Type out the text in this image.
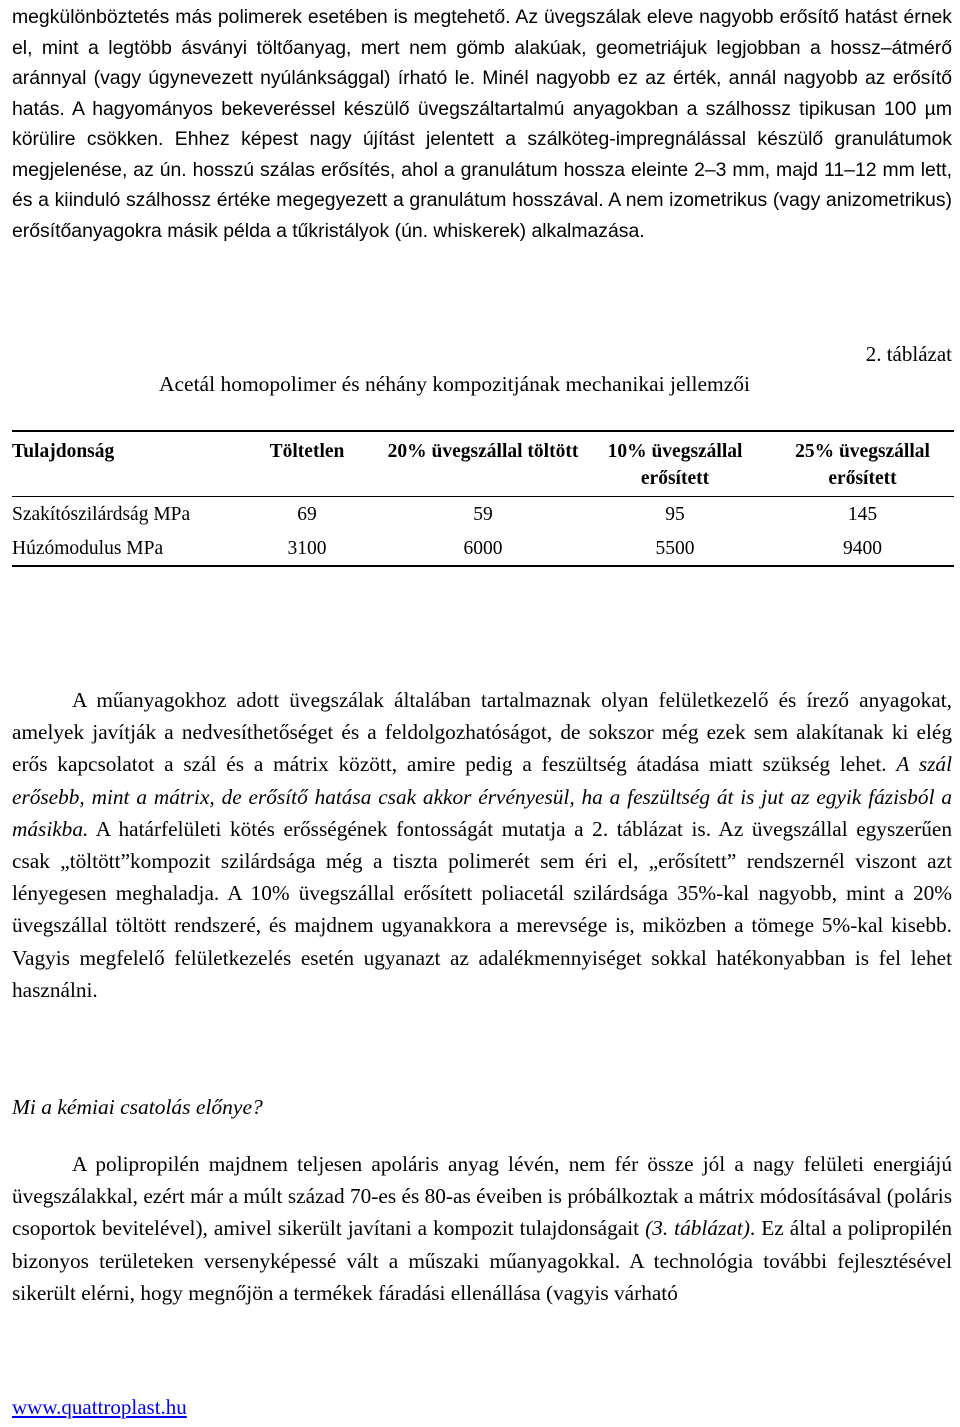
megkülönböztetés más polimerek esetében is megtehető. Az üvegszálak eleve nagyobb erősítő hatást érnek el, mint a legtöbb ásványi töltőanyag, mert nem gömb alakúak, geometriájuk legjobban a hossz–átmérő aránnyal (vagy úgynevezett nyúlánksággal) írható le. Minél nagyobb ez az érték, annál nagyobb az erősítő hatás. A hagyományos bekeveréssel készülő üvegszáltartalmú anyagokban a szálhossz tipikusan 100 µm körülire csökken. Ehhez képest nagy újítást jelentett a szálköteg-impregnálással készülő granulátumok megjelenése, az ún. hosszú szálas erősítés, ahol a granulátum hossza eleinte 2–3 mm, majd 11–12 mm lett, és a kiinduló szálhossz értéke megegyezett a granulátum hosszával. A nem izometrikus (vagy anizometrikus) erősítőanyagokra másik példa a tűkristályok (ún. whiskerek) alkalmazása.

2. táblázat
Acetál homopolimer és néhány kompozitjának mechanikai jellemzői
Tulajdonság	Töltetlen	20% üvegszállal töltött	10% üvegszállal erősített	25% üvegszállal erősített
Szakítószilárdság MPa	69	59	95	145
Húzómodulus MPa	3100	6000	5500	9400

A műanyagokhoz adott üvegszálak általában tartalmaznak olyan felületkezelő és írező anyagokat, amelyek javítják a nedvesíthetőséget és a feldolgozhatóságot, de sokszor még ezek sem alakítanak ki elég erős kapcsolatot a szál és a mátrix között, amire pedig a feszültség átadása miatt szükség lehet. A szál erősebb, mint a mátrix, de erősítő hatása csak akkor érvényesül, ha a feszültség át is jut az egyik fázisból a másikba. A határfelületi kötés erősségének fontosságát mutatja a 2. táblázat is. Az üvegszállal egyszerűen csak „töltött”kompozit szilárdsága még a tiszta polimerét sem éri el, „erősített” rendszernél viszont azt lényegesen meghaladja. A 10% üvegszállal erősített poliacetál szilárdsága 35%-kal nagyobb, mint a 20% üvegszállal töltött rendszeré, és majdnem ugyanakkora a merevsége is, miközben a tömege 5%-kal kisebb. Vagyis megfelelő felületkezelés esetén ugyanazt az adalékmennyiséget sokkal hatékonyabban is fel lehet használni.

Mi a kémiai csatolás előnye?

A polipropilén majdnem teljesen apoláris anyag lévén, nem fér össze jól a nagy felületi energiájú üvegszálakkal, ezért már a múlt század 70-es és 80-as éveiben is próbálkoztak a mátrix módosításával (poláris csoportok bevitelével), amivel sikerült javítani a kompozit tulajdonságait (3. táblázat). Ez által a polipropilén bizonyos területeken versenyképessé vált a műszaki műanyagokkal. A technológia további fejlesztésével sikerült elérni, hogy megnőjön a termékek fáradási ellenállása (vagyis várható

www.quattroplast.hu
